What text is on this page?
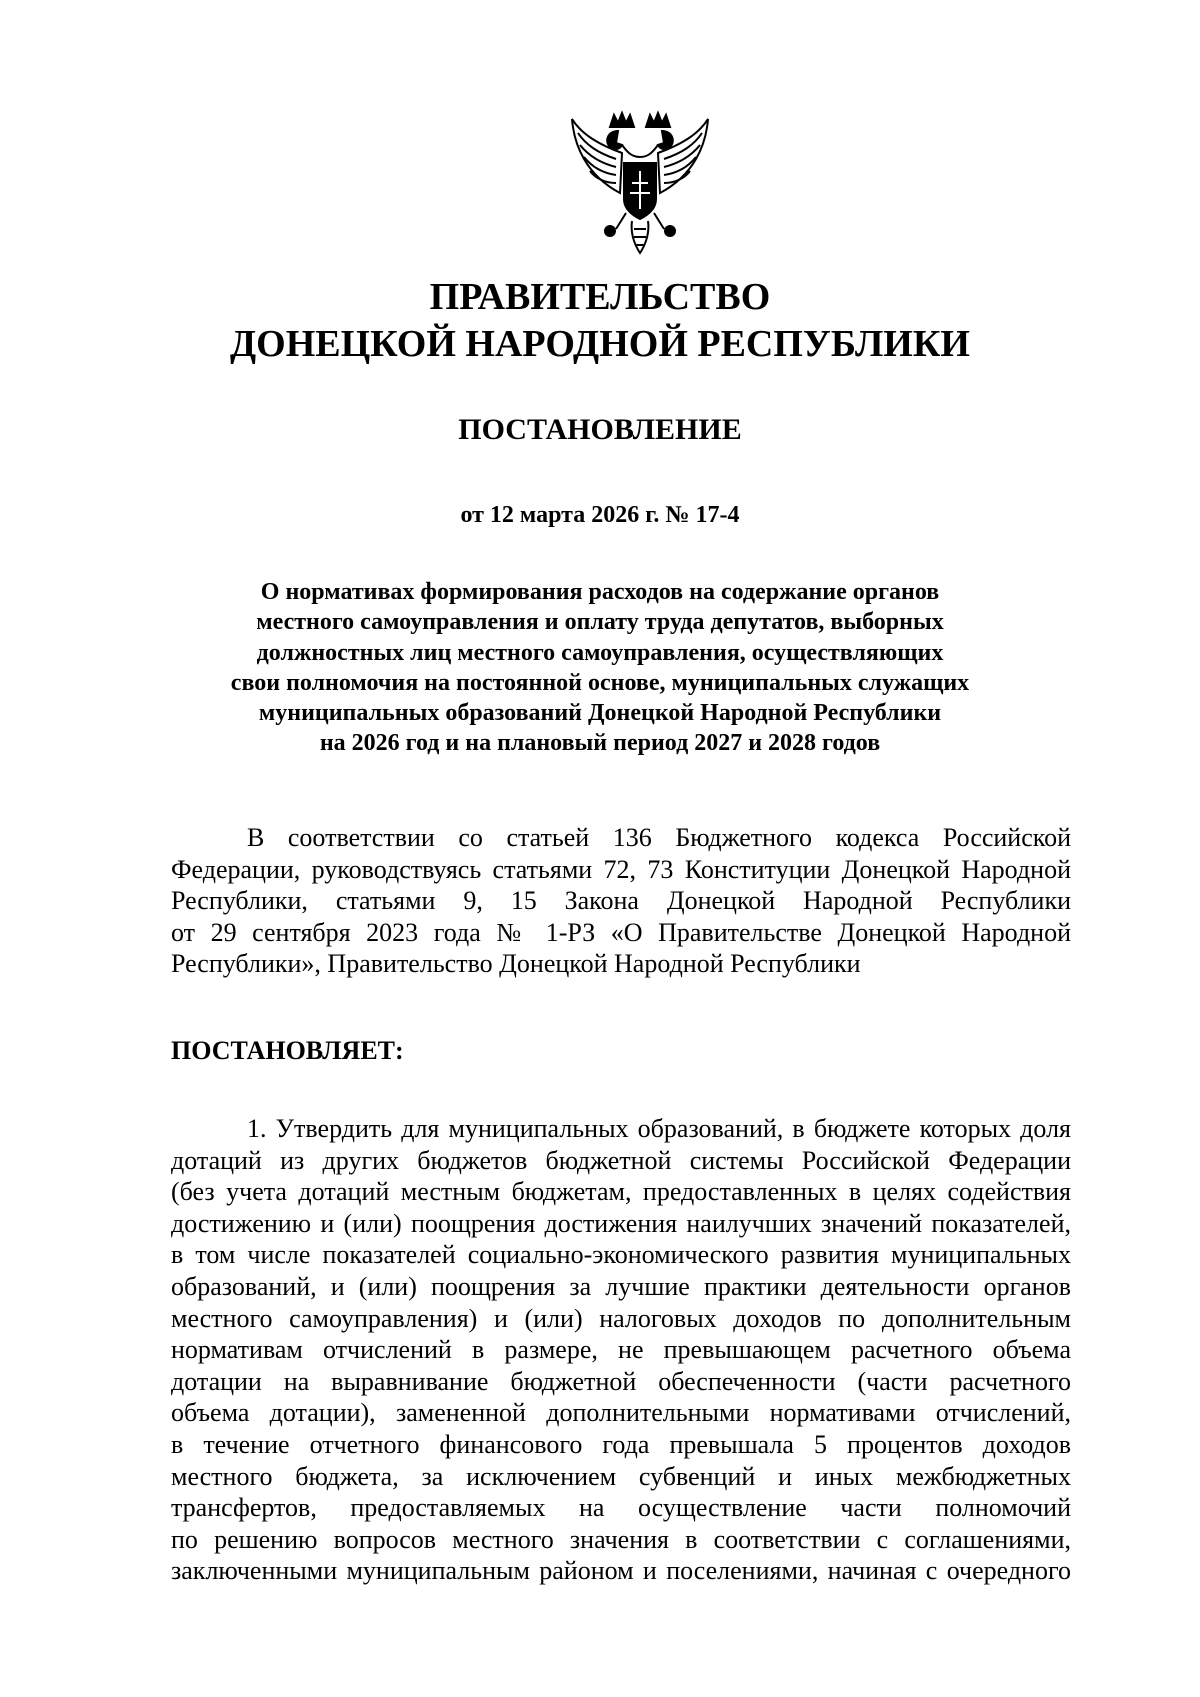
ПРАВИТЕЛЬСТВО
ДОНЕЦКОЙ НАРОДНОЙ РЕСПУБЛИКИ
ПОСТАНОВЛЕНИЕ
от 12 марта 2026 г. № 17-4
О нормативах формирования расходов на содержание органов
местного самоуправления и оплату труда депутатов, выборных
должностных лиц местного самоуправления, осуществляющих
свои полномочия на постоянной основе, муниципальных служащих
муниципальных образований Донецкой Народной Республики
на 2026 год и на плановый период 2027 и 2028 годов
В соответствии со статьей 136 Бюджетного кодекса Российской
Федерации, руководствуясь статьями 72, 73 Конституции Донецкой Народной
Республики, статьями 9, 15 Закона Донецкой Народной Республики
от 29 сентября 2023 года № 1-РЗ «О Правительстве Донецкой Народной
Республики», Правительство Донецкой Народной Республики
ПОСТАНОВЛЯЕТ:
1. Утвердить для муниципальных образований, в бюджете которых доля
дотаций из других бюджетов бюджетной системы Российской Федерации
(без учета дотаций местным бюджетам, предоставленных в целях содействия
достижению и (или) поощрения достижения наилучших значений показателей,
в том числе показателей социально-экономического развития муниципальных
образований, и (или) поощрения за лучшие практики деятельности органов
местного самоуправления) и (или) налоговых доходов по дополнительным
нормативам отчислений в размере, не превышающем расчетного объема
дотации на выравнивание бюджетной обеспеченности (части расчетного
объема дотации), замененной дополнительными нормативами отчислений,
в течение отчетного финансового года превышала 5 процентов доходов
местного бюджета, за исключением субвенций и иных межбюджетных
трансфертов, предоставляемых на осуществление части полномочий
по решению вопросов местного значения в соответствии с соглашениями,
заключенными муниципальным районом и поселениями, начиная с очередного
